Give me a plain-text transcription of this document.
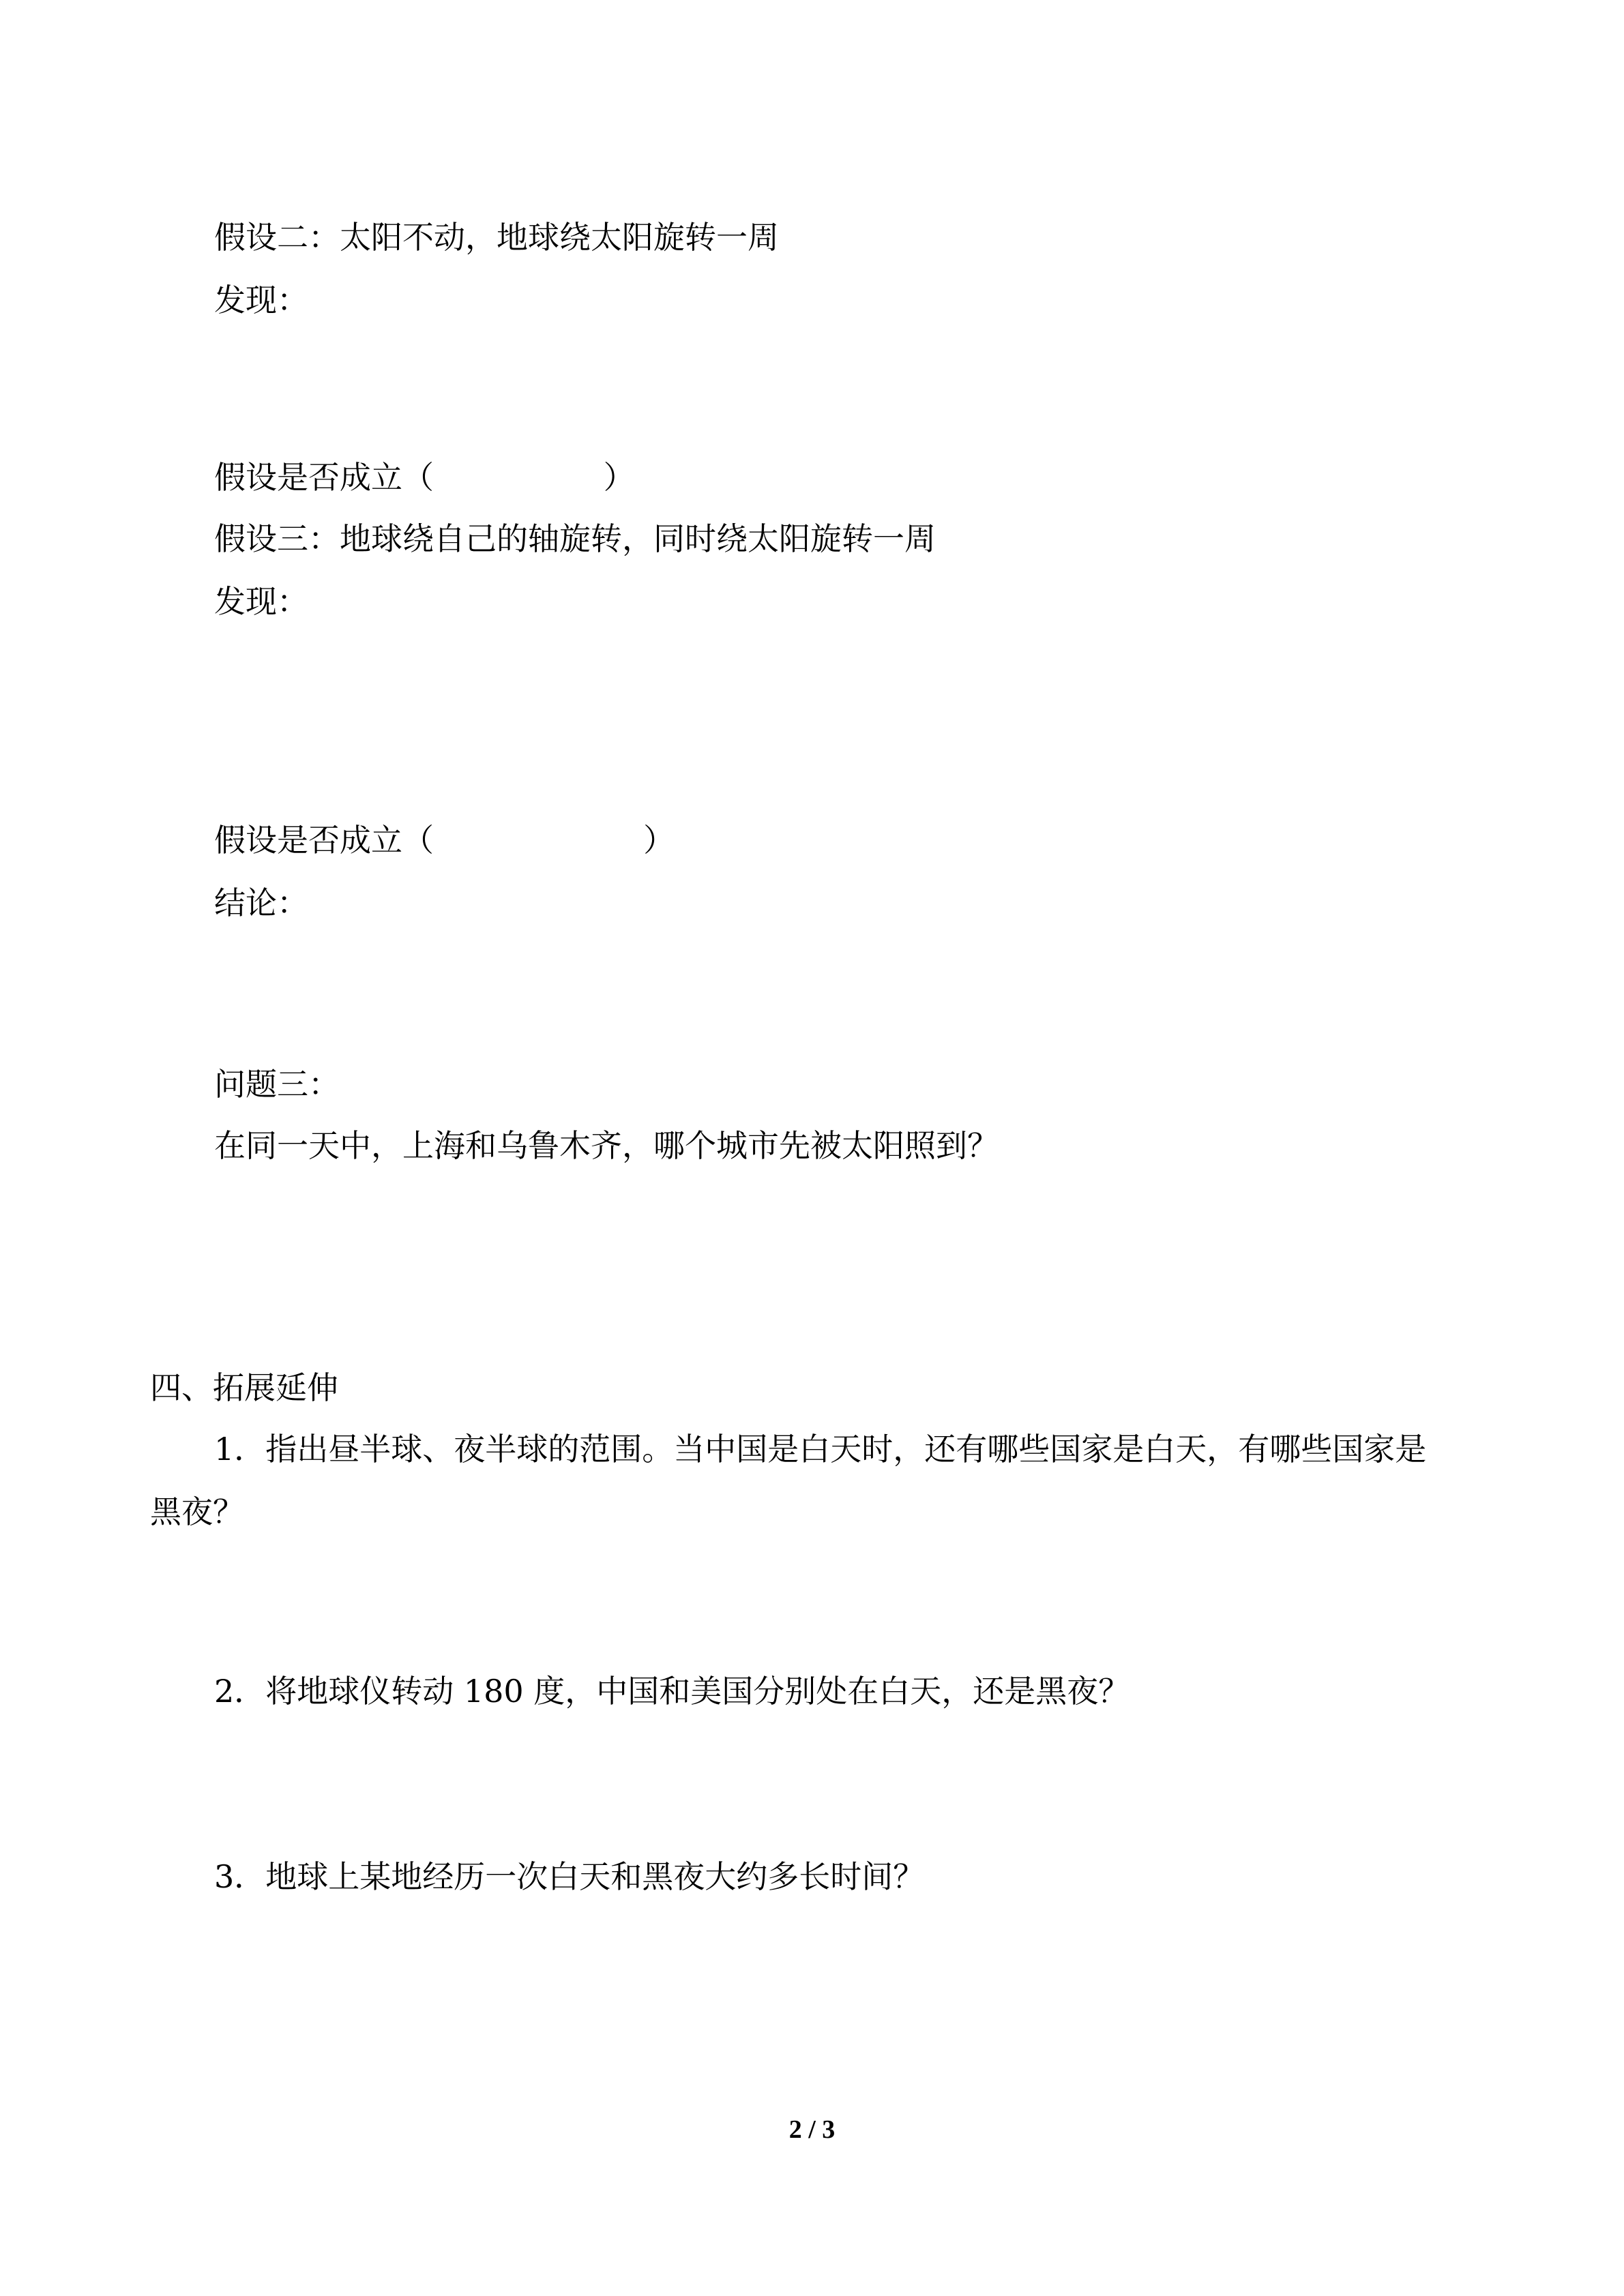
假设二：太阳不动，地球绕太阳旋转一周

发现：

假设是否成立（                 ）

假设三：地球绕自己的轴旋转，同时绕太阳旋转一周

发现：

假设是否成立（                     ）

结论：

问题三：

在同一天中，上海和乌鲁木齐，哪个城市先被太阳照到？

四、拓展延伸

1．指出昼半球、夜半球的范围。当中国是白天时，还有哪些国家是白天，有哪些国家是

黑夜？

2．将地球仪转动 180 度，中国和美国分别处在白天，还是黑夜？

3．地球上某地经历一次白天和黑夜大约多长时间？

2 / 3
